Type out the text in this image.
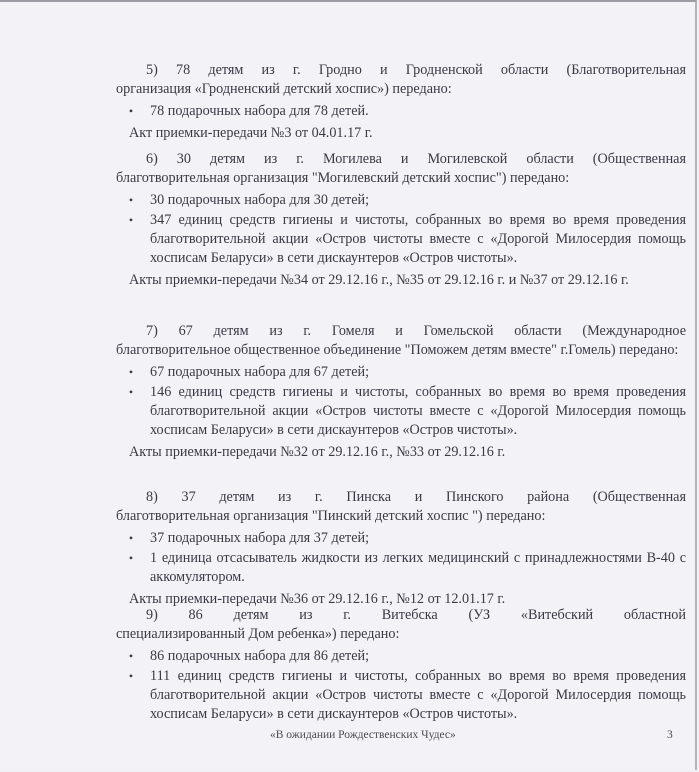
5) 78 детям из г. Гродно и Гродненской области (Благотворительная

организация «Гродненский детский хоспис») передано:

• 78 подарочных набора для 78 детей.

Акт приемки-передачи №3 от 04.01.17 г.

6) 30 детям из г. Могилева и Могилевской области (Общественная

благотворительная организация "Могилевский детский хоспис") передано:

• 30 подарочных набора для 30 детей;
• 347 единиц средств гигиены и чистоты, собранных во время во время проведения благотворительной акции «Остров чистоты вместе с «Дорогой Милосердия помощь хосписам Беларуси» в сети дискаунтеров «Остров чистоты».

Акты приемки-передачи №34 от 29.12.16 г., №35 от 29.12.16 г. и №37 от 29.12.16 г.

7) 67 детям из г. Гомеля и Гомельской области (Международное

благотворительное общественное объединение "Поможем детям вместе" г.Гомель) передано:

• 67 подарочных набора для 67 детей;
• 146 единиц средств гигиены и чистоты, собранных во время во время проведения благотворительной акции «Остров чистоты вместе с «Дорогой Милосердия помощь хосписам Беларуси» в сети дискаунтеров «Остров чистоты».

Акты приемки-передачи №32 от 29.12.16 г., №33 от 29.12.16 г.

8) 37 детям из г. Пинска и Пинского района (Общественная

благотворительная организация "Пинский детский хоспис ") передано:

• 37 подарочных набора для 37 детей;
• 1 единица отсасыватель жидкости из легких медицинский с принадлежностями В-40 с аккомулятором.

Акты приемки-передачи №36 от 29.12.16 г., №12 от 12.01.17 г.

9) 86 детям из г. Витебска (УЗ «Витебский областной

специализированный Дом ребенка») передано:

• 86 подарочных набора для 86 детей;
• 111 единиц средств гигиены и чистоты, собранных во время во время проведения благотворительной акции «Остров чистоты вместе с «Дорогой Милосердия помощь хосписам Беларуси» в сети дискаунтеров «Остров чистоты».
«В ожидании Рождественских Чудес»	3
